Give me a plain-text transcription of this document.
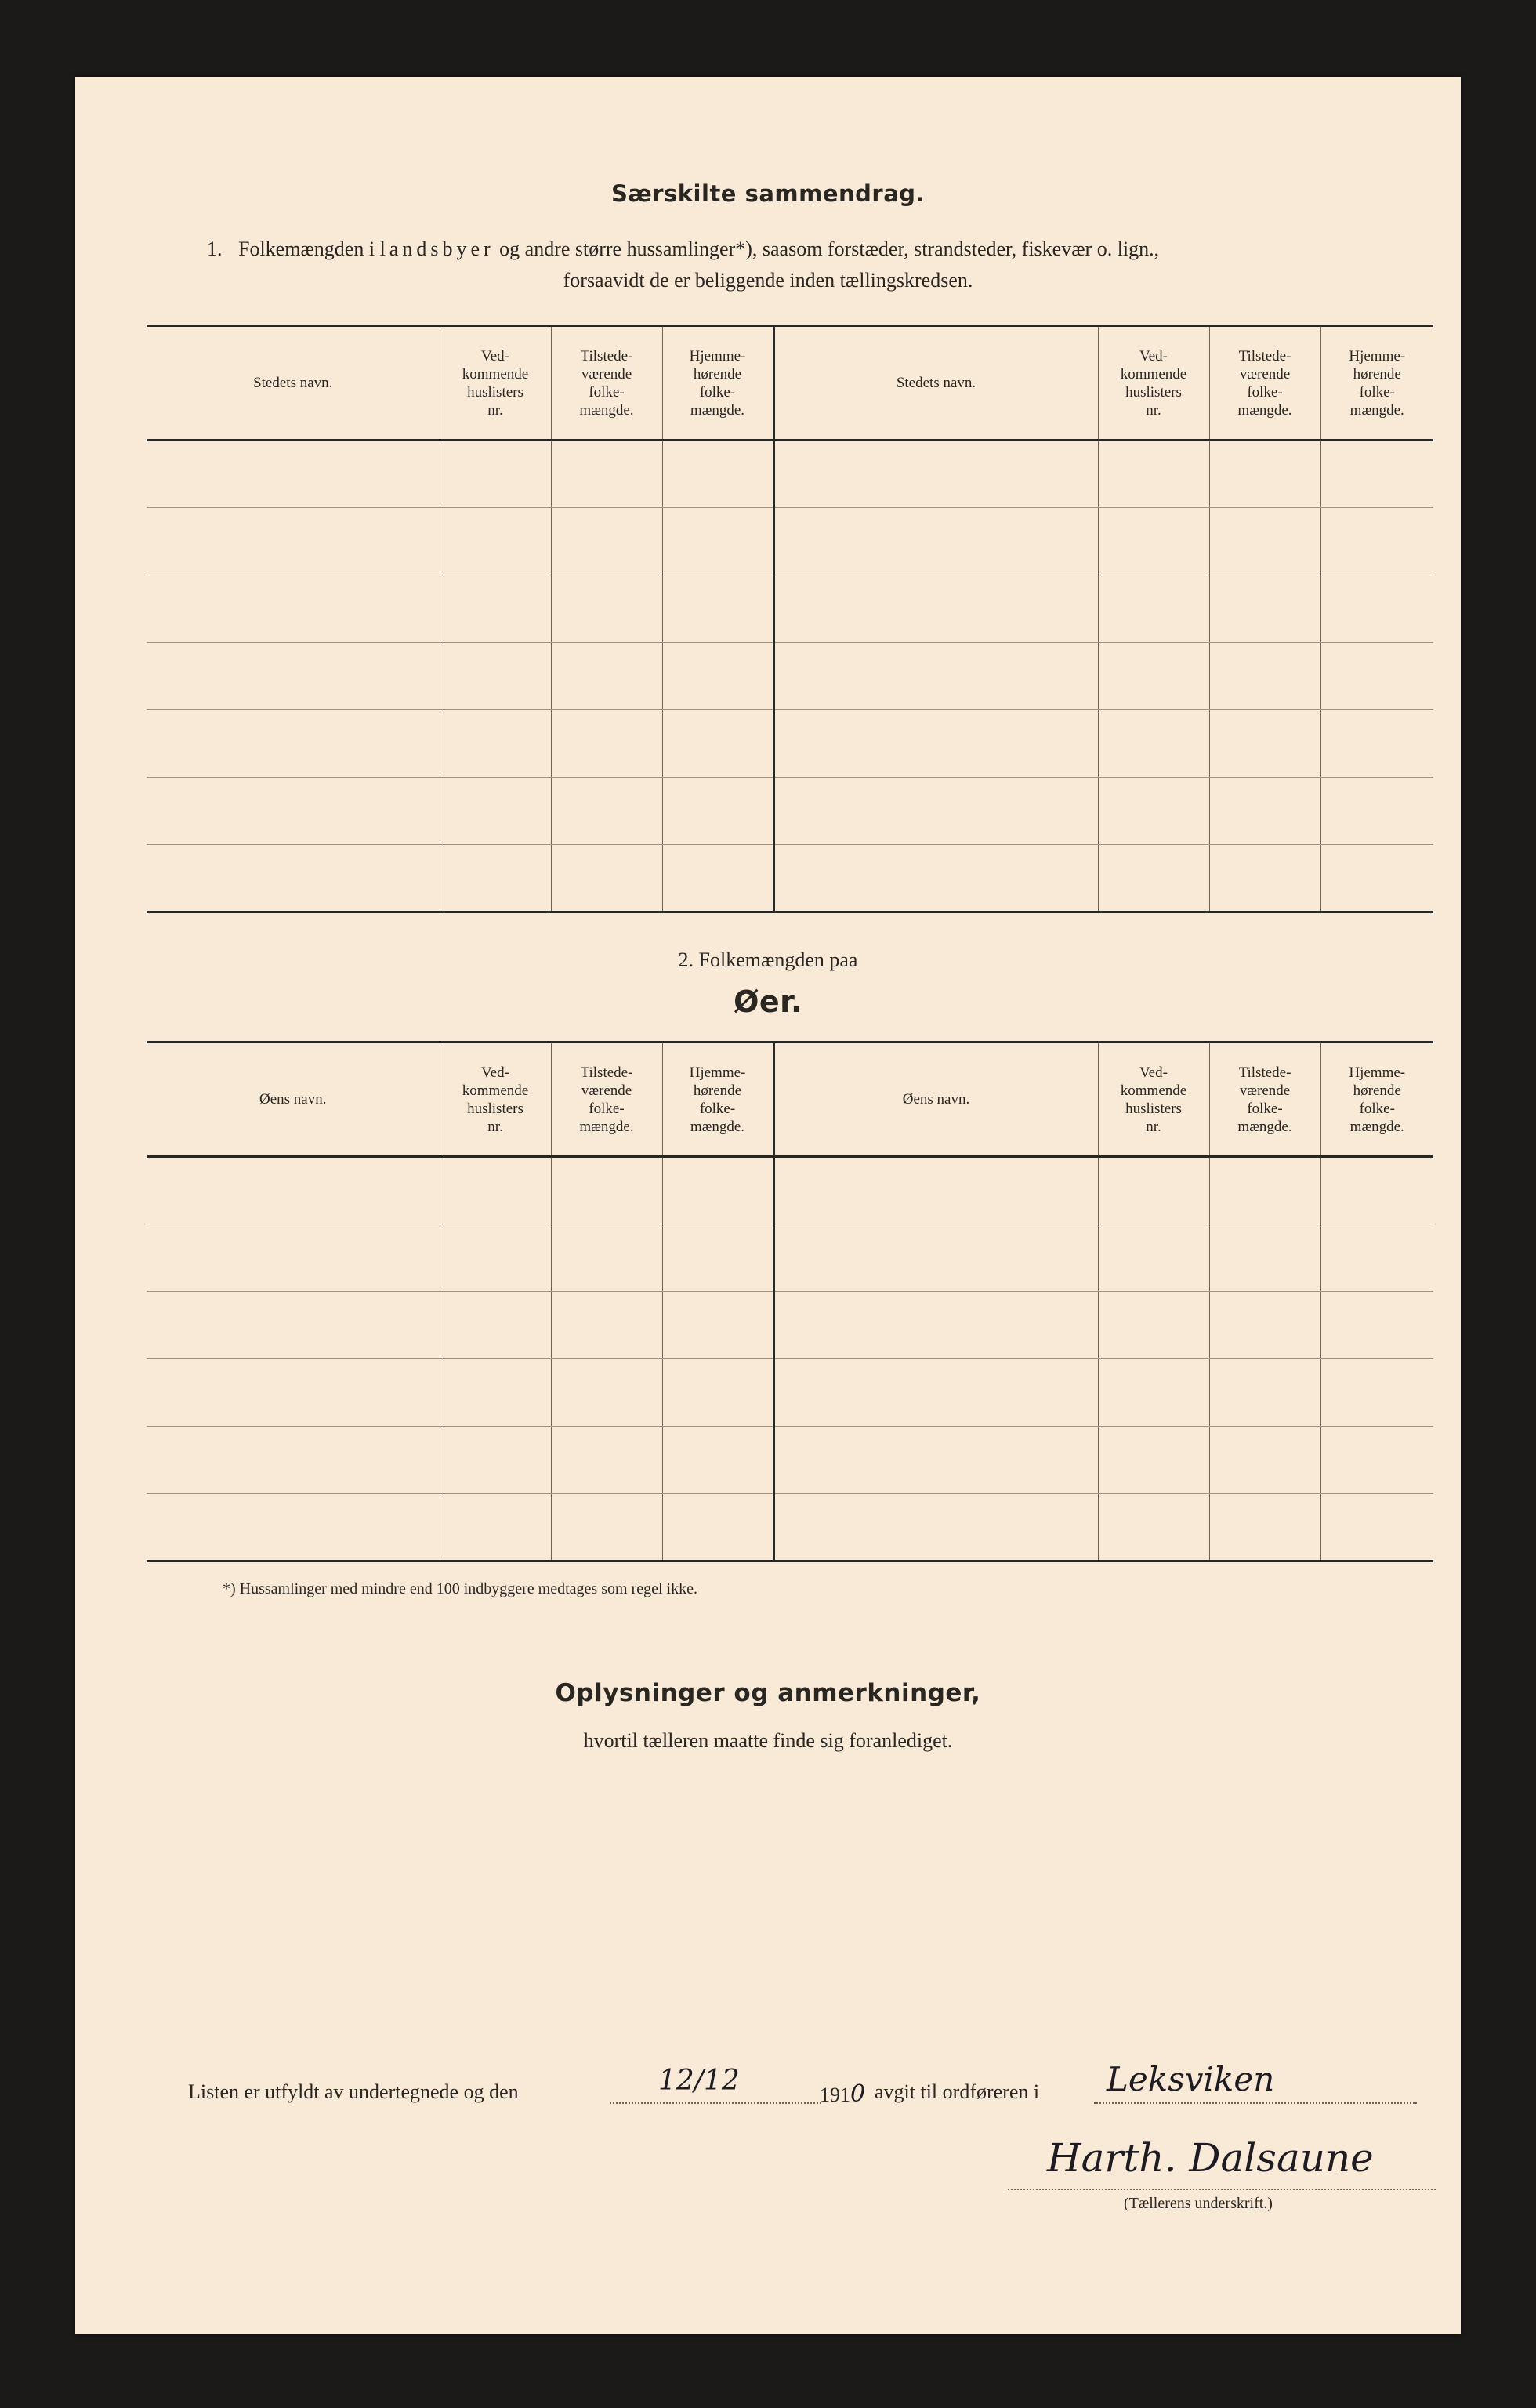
Særskilte sammendrag.
1. Folkemængden i landsbyer og andre større hussamlinger*), saasom forstæder, strandsteder, fiskevær o. lign.,
forsaavidt de er beliggende inden tællingskredsen.
Stedets navn.	Ved-
kommende
huslisters
nr.	Tilstede-
værende
folke-
mængde.	Hjemme-
hørende
folke-
mængde.	Stedets navn.	Ved-
kommende
huslisters
nr.	Tilstede-
værende
folke-
mængde.	Hjemme-
hørende
folke-
mængde.

2. Folkemængden paa
Øer.
Øens navn.	Ved-
kommende
huslisters
nr.	Tilstede-
værende
folke-
mængde.	Hjemme-
hørende
folke-
mængde.	Øens navn.	Ved-
kommende
huslisters
nr.	Tilstede-
værende
folke-
mængde.	Hjemme-
hørende
folke-
mængde.

*) Hussamlinger med mindre end 100 indbyggere medtages som regel ikke.
Oplysninger og anmerkninger,
hvortil tælleren maatte finde sig foranlediget.
Listen er utfyldt av undertegnede og den	12/12	1910 avgit til ordføreren i Leksviken
Harth. Dalsaune
(Tællerens underskrift.)
